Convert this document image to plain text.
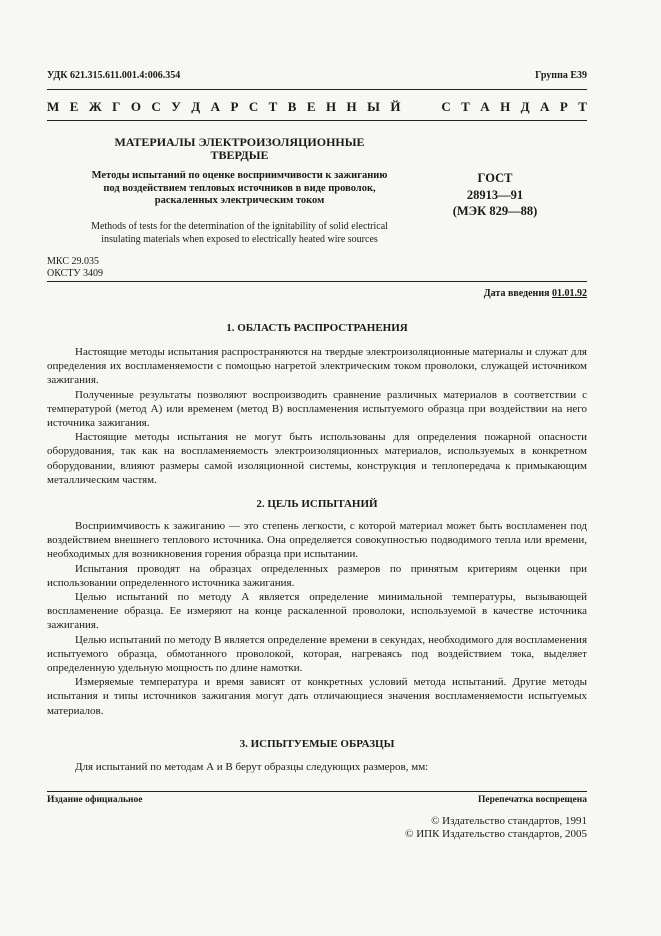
УДК 621.315.611.001.4:006.354	Группа Е39
М Е Ж Г О С У Д А Р С Т В Е Н Н Ы Й
	С Т А Н Д А Р Т
МАТЕРИАЛЫ ЭЛЕКТРОИЗОЛЯЦИОННЫЕ
ТВЕРДЫЕ
Методы испытаний по оценке восприимчивости к зажиганию
под воздействием тепловых источников в виде проволок,
раскаленных электрическим током
Methods of tests for the determination of the ignitability of solid electrical
insulating materials when exposed to electrically heated wire sources
ГОСТ
28913—91
(МЭК 829—88)
МКС 29.035
ОКСТУ 3409
Дата введения 01.01.92
1. ОБЛАСТЬ РАСПРОСТРАНЕНИЯ
Настоящие методы испытания распространяются на твердые электроизоляционные материалы и служат для определения их воспламеняемости с помощью нагретой электрическим током проволоки, служащей источником зажигания.
Полученные результаты позволяют воспроизводить сравнение различных материалов в соответствии с температурой (метод А) или временем (метод В) воспламенения испытуемого образца при воздействии на него источника зажигания.
Настоящие методы испытания не могут быть использованы для определения пожарной опасности оборудования, так как на воспламеняемость электроизоляционных материалов, используемых в конкретном оборудовании, влияют размеры самой изоляционной системы, конструкция и теплопередача к примыкающим металлическим частям.
2. ЦЕЛЬ ИСПЫТАНИЙ
Восприимчивость к зажиганию — это степень легкости, с которой материал может быть воспламенен под воздействием внешнего теплового источника. Она определяется совокупностью подводимого тепла или времени, необходимых для возникновения горения образца при испытании.
Испытания проводят на образцах определенных размеров по принятым критериям оценки при использовании определенного источника зажигания.
Целью испытаний по методу А является определение минимальной температуры, вызывающей воспламенение образца. Ее измеряют на конце раскаленной проволоки, используемой в качестве источника зажигания.
Целью испытаний по методу В является определение времени в секундах, необходимого для воспламенения испытуемого образца, обмотанного проволокой, которая, нагреваясь под воздействием тока, выделяет определенную удельную мощность по длине намотки.
Измеряемые температура и время зависят от конкретных условий метода испытаний. Другие методы испытания и типы источников зажигания могут дать отличающиеся значения воспламеняемости испытуемых материалов.
3. ИСПЫТУЕМЫЕ ОБРАЗЦЫ
Для испытаний по методам А и В берут образцы следующих размеров, мм:
Издание официальное	Перепечатка воспрещена
© Издательство стандартов, 1991
© ИПК Издательство стандартов, 2005
